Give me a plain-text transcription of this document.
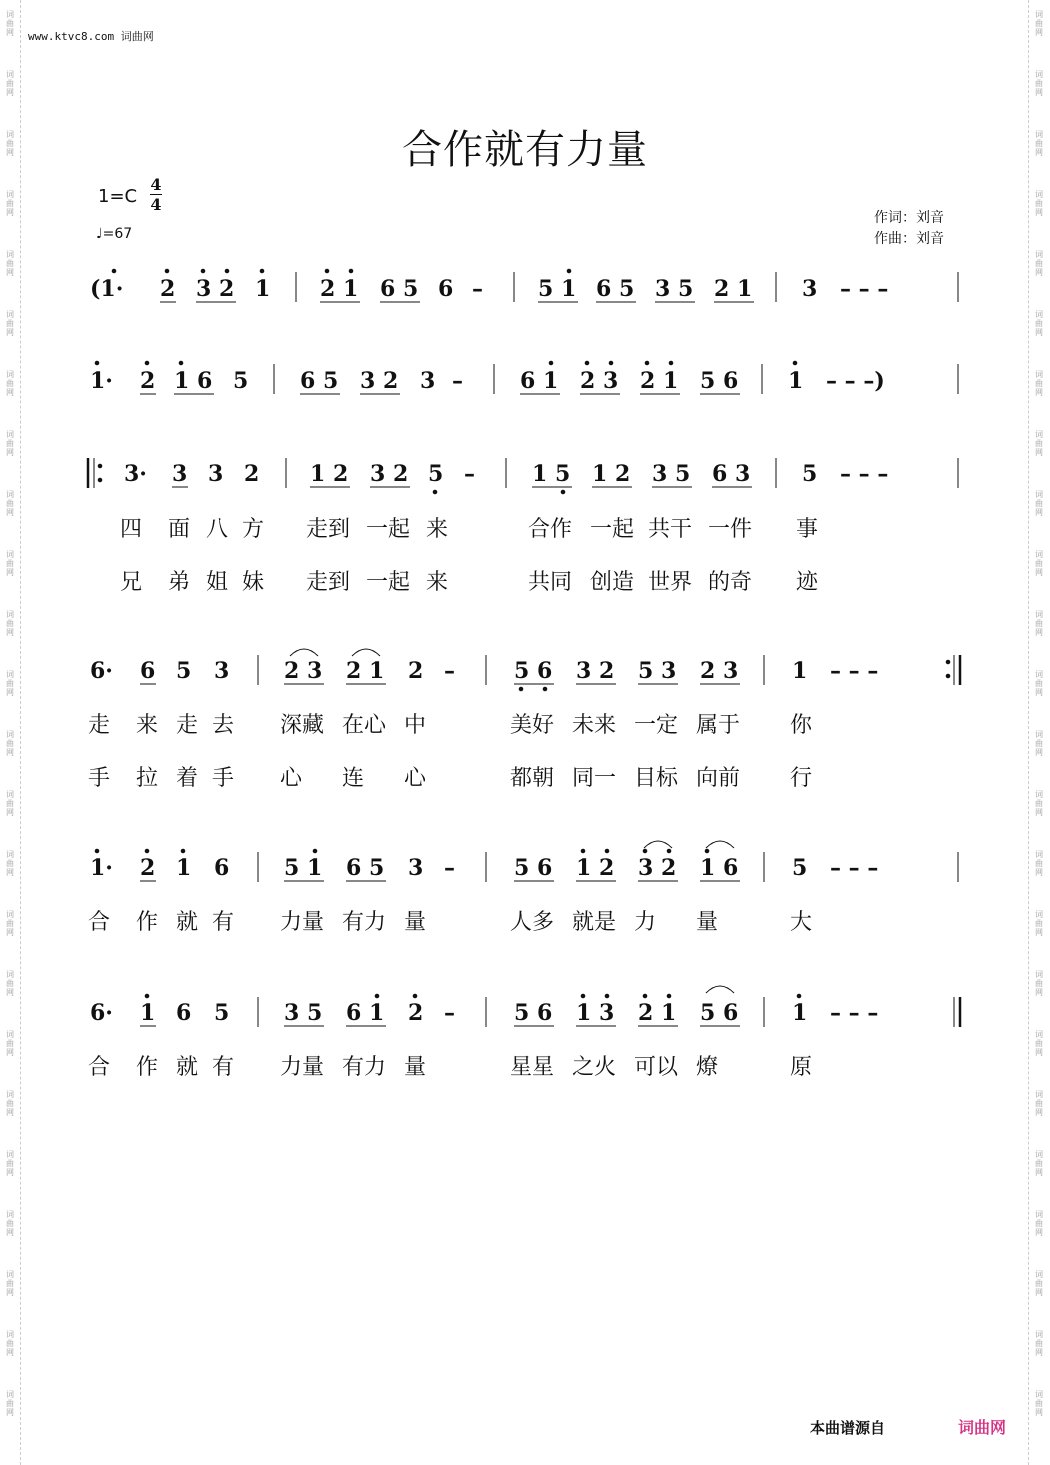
词
曲
网
词
曲
网
词
曲
网
词
曲
网
词
曲
网
词
曲
网
词
曲
网
词
曲
网
词
曲
网
词
曲
网
词
曲
网
词
曲
网
词
曲
网
词
曲
网
词
曲
网
词
曲
网
词
曲
网
词
曲
网
词
曲
网
词
曲
网
词
曲
网
词
曲
网
词
曲
网
词
曲
网
词
曲
网
词
曲
网
词
曲
网
词
曲
网
词
曲
网
词
曲
网
词
曲
网
词
曲
网
词
曲
网
词
曲
网
词
曲
网
词
曲
网
词
曲
网
词
曲
网
词
曲
网
词
曲
网
词
曲
网
词
曲
网
词
曲
网
词
曲
网
词
曲
网
词
曲
网
词
曲
网
词
曲
网
www.ktvc8.com 词曲网
合作就有力量
1=C
4
4
♩=67
作词：刘音
作曲：刘音
(1· 2 3 2 1 2 1 6 5 6 –	5 1 6 5 3 5 2 1 3 – – –
1· 2 1 6 5 6 5 3 2 3 –	6 1 2 3 2 1 5 6 1 – – –)
3· 3 3 2 1 2 3 2 5 –	1 5 1 2 3 5 6 3 5 – – –
6· 6 5 3 2 3 2 1 2 –	5 6 3 2 5 3 2 3 1 – – –
1· 2 1 6 5 1 6 5 3 –	5 6 1 2 3 2 1 6 5 – – –
6· 1 6 5 3 5 6 1 2 –	5 6 1 3 2 1 5 6 1 – – –
四 面 八 方 走到 一起 来	合作 一起 共干 一件 事
兄 弟 姐 妹 走到 一起 来	共同 创造 世界 的奇 迹
走 来 走 去 深藏 在心 中	美好 未来 一定 属于 你
手 拉 着 手 心 连 心	都朝 同一 目标 向前 行
合 作 就 有 力量 有力 量	人多 就是 力 量	大
合 作 就 有 力量 有力 量	星星 之火 可以 燎	原
本曲谱源自	词曲网
